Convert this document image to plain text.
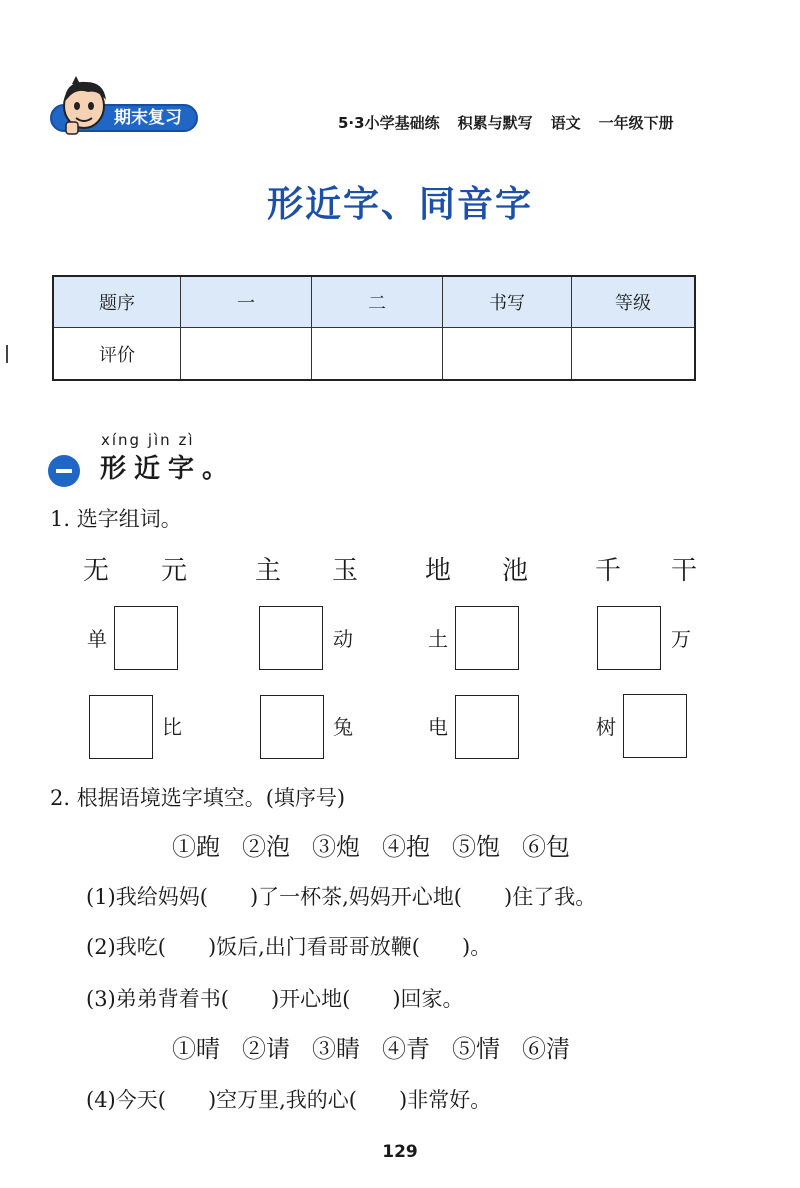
期末复习	5·3小学基础练 积累与默写 语文 一年级下册
形近字、同音字
题序	一	二	书写	等级
评价				
xíng jìn zì
形近字。
1. 选字组词。
无	元	主	玉	地	池	千	干
单	动	土	万
比	兔	电	树
2. 根据语境选字填空。(填序号)
①跑 ②泡 ③炮 ④抱 ⑤饱 ⑥包
(1)我给妈妈(　　)了一杯茶,妈妈开心地(　　)住了我。
(2)我吃(　　)饭后,出门看哥哥放鞭(　　)。
(3)弟弟背着书(　　)开心地(　　)回家。
①晴 ②请 ③睛 ④青 ⑤情 ⑥清
(4)今天(　　)空万里,我的心(　　)非常好。
129
